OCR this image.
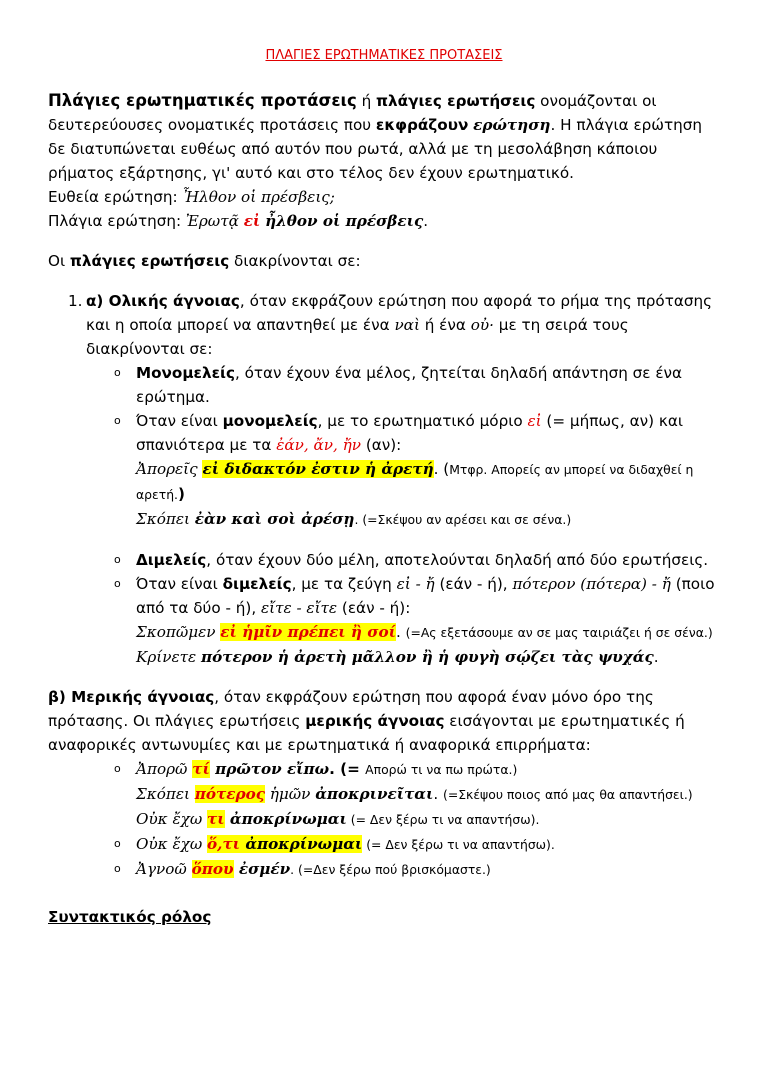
ΠΛΑΓΙΕΣ ΕΡΩΤΗΜΑΤΙΚΕΣ ΠΡΟΤΑΣΕΙΣ
Πλάγιες ερωτηματικές προτάσεις ή πλάγιες ερωτήσεις ονομάζονται οι δευτερεύουσες ονοματικές προτάσεις που εκφράζουν ερώτηση. Η πλάγια ερώτηση δε διατυπώνεται ευθέως από αυτόν που ρωτά, αλλά με τη μεσολάβηση κάποιου ρήματος εξάρτησης, γι' αυτό και στο τέλος δεν έχουν ερωτηματικό.
Ευθεία ερώτηση: Ἦλθον οἱ πρέσβεις;
Πλάγια ερώτηση: Ἐρωτᾷ εἰ ἦλθον οἱ πρέσβεις.
Οι πλάγιες ερωτήσεις διακρίνονται σε:
1. α) Ολικής άγνοιας, όταν εκφράζουν ερώτηση που αφορά το ρήμα της πρότασης και η οποία μπορεί να απαντηθεί με ένα ναὶ ή ένα οὐ· με τη σειρά τους διακρίνονται σε:
o	Μονομελείς, όταν έχουν ένα μέλος, ζητείται δηλαδή απάντηση σε ένα ερώτημα.
o	Όταν είναι μονομελείς, με το ερωτηματικό μόριο εἰ (= μήπως, αν) και σπανιότερα με τα ἐάν, ἄν, ἤν (αν):
Ἀπορεῖς εἰ διδακτόν ἐστιν ἡ ἀρετή. (Μτφρ. Απορείς αν μπορεί να διδαχθεί η αρετή.)
Σκόπει ἐὰν καὶ σοὶ ἀρέσῃ. (=Σκέψου αν αρέσει και σε σένα.)
o	Διμελείς, όταν έχουν δύο μέλη, αποτελούνται δηλαδή από δύο ερωτήσεις.
o	Όταν είναι διμελείς, με τα ζεύγη εἰ - ἤ (εάν - ή), πότερον (πότερα) - ἤ (ποιο από τα δύο - ή), εἴτε - εἴτε (εάν - ή):
Σκοπῶμεν εἰ ἡμῖν πρέπει ἢ σοί. (=Ας εξετάσουμε αν σε μας ταιριάζει ή σε σένα.)
Κρίνετε πότερον ἡ ἀρετὴ μᾶλλον ἢ ἡ φυγὴ σῴζει τὰς ψυχάς.
β) Μερικής άγνοιας, όταν εκφράζουν ερώτηση που αφορά έναν μόνο όρο της πρότασης. Οι πλάγιες ερωτήσεις μερικής άγνοιας εισάγονται με ερωτηματικές ή αναφορικές αντωνυμίες και με ερωτηματικά ή αναφορικά επιρρήματα:
o	Ἀπορῶ τί πρῶτον εἴπω. (= Απορώ τι να πω πρώτα.)
Σκόπει πότερος ἡμῶν ἀποκρινεῖται. (=Σκέψου ποιος από μας θα απαντήσει.)
Οὐκ ἔχω τι ἀποκρίνωμαι (= Δεν ξέρω τι να απαντήσω).
o	Οὐκ ἔχω ὅ,τι ἀποκρίνωμαι (= Δεν ξέρω τι να απαντήσω).
o	Ἀγνοῶ ὅπου ἐσμέν. (=Δεν ξέρω πού βρισκόμαστε.)
Συντακτικός ρόλος
